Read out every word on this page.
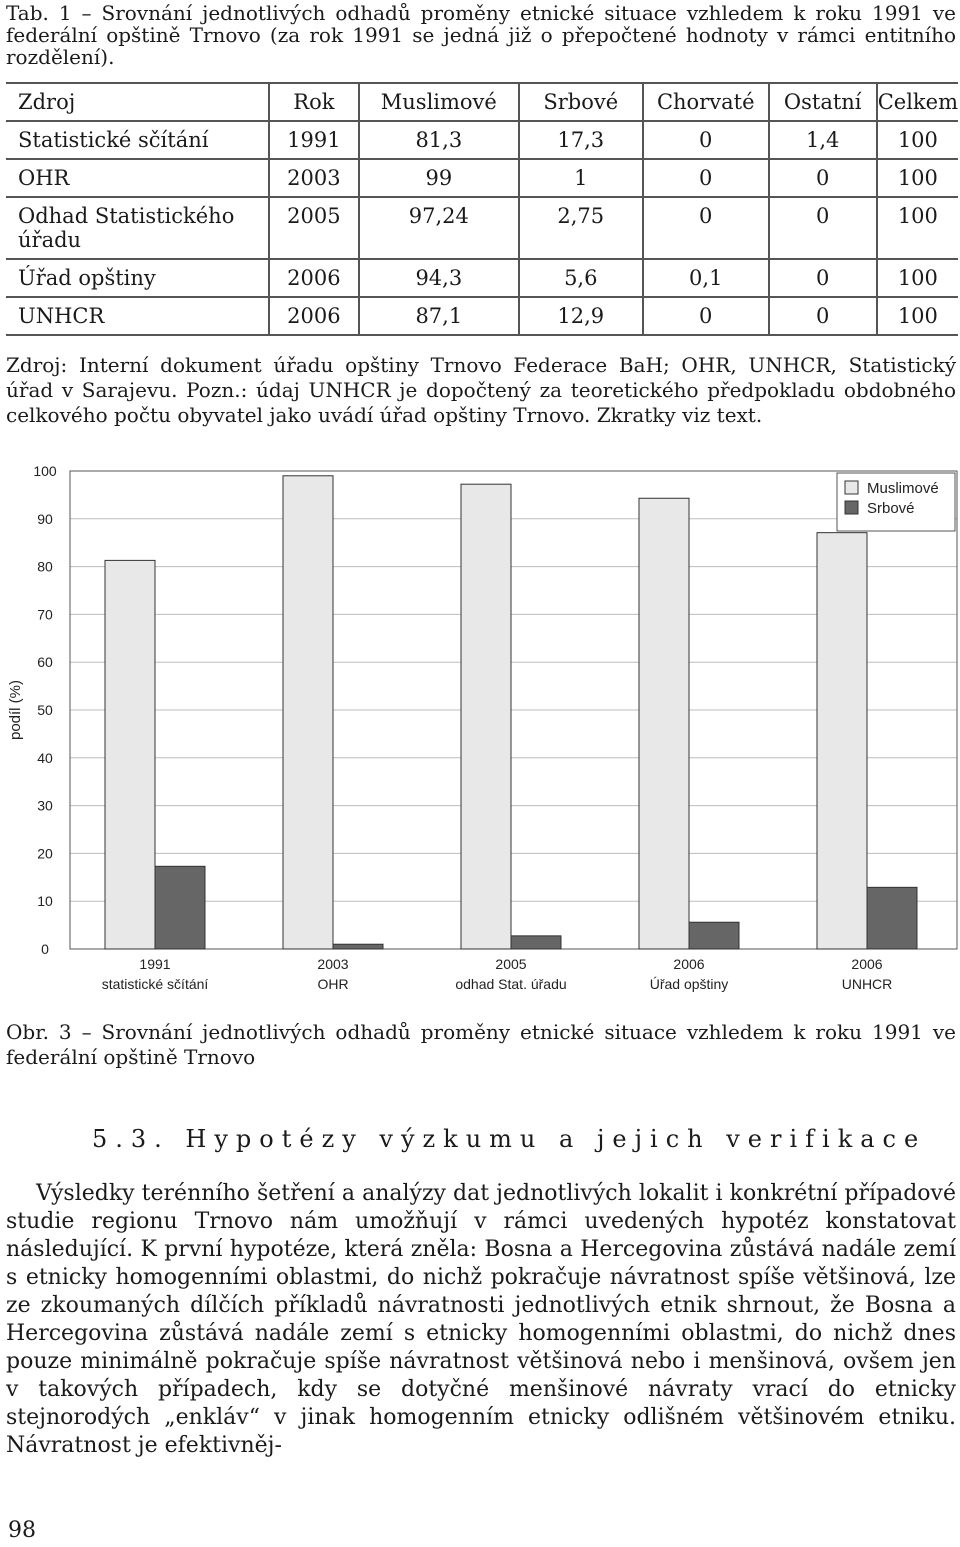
Tab. 1 – Srovnání jednotlivých odhadů proměny etnické situace vzhledem k roku 1991 ve federální opštině Trnovo (za rok 1991 se jedná již o přepočtené hodnoty v rámci entitního rozdělení).
Zdroj	Rok	Muslimové	Srbové	Chorvaté	Ostatní	Celkem
Statistické sčítání	1991	81,3	17,3	0	1,4	100
OHR	2003	99	1	0	0	100
Odhad Statistického úřadu	2005	97,24	2,75	0	0	100
Úřad opštiny	2006	94,3	5,6	0,1	0	100
UNHCR	2006	87,1	12,9	0	0	100
Zdroj: Interní dokument úřadu opštiny Trnovo Federace BaH; OHR, UNHCR, Statistický úřad v Sarajevu. Pozn.: údaj UNHCR je dopočtený za teoretického předpokladu obdobného celkového počtu obyvatel jako uvádí úřad opštiny Trnovo. Zkratky viz text.
0
10
20
30
40
50
60
70
80
90
100
podíl (%)
1991
statistické sčítání
2003
OHR
2005
odhad Stat. úřadu
2006
Úřad opštiny
2006
UNHCR
Muslimové
Srbové
Obr. 3 – Srovnání jednotlivých odhadů proměny etnické situace vzhledem k roku 1991 ve federální opštině Trnovo
5.3. Hypotézy výzkumu a jejich verifikace
Výsledky terénního šetření a analýzy dat jednotlivých lokalit i konkrétní případové studie regionu Trnovo nám umožňují v rámci uvedených hypotéz konstatovat následující. K první hypotéze, která zněla: Bosna a Hercegovina zůstává nadále zemí s etnicky homogenními oblastmi, do nichž pokračuje návratnost spíše většinová, lze ze zkoumaných dílčích příkladů návratnosti jednotlivých etnik shrnout, že Bosna a Hercegovina zůstává nadále zemí s etnicky homogenními oblastmi, do nichž dnes pouze minimálně pokračuje spíše návratnost většinová nebo i menšinová, ovšem jen v takových případech, kdy se dotyčné menšinové návraty vrací do etnicky stejnorodých „enkláv“ v jinak homogenním etnicky odlišném většinovém etniku. Návratnost je efektivněj-
98
